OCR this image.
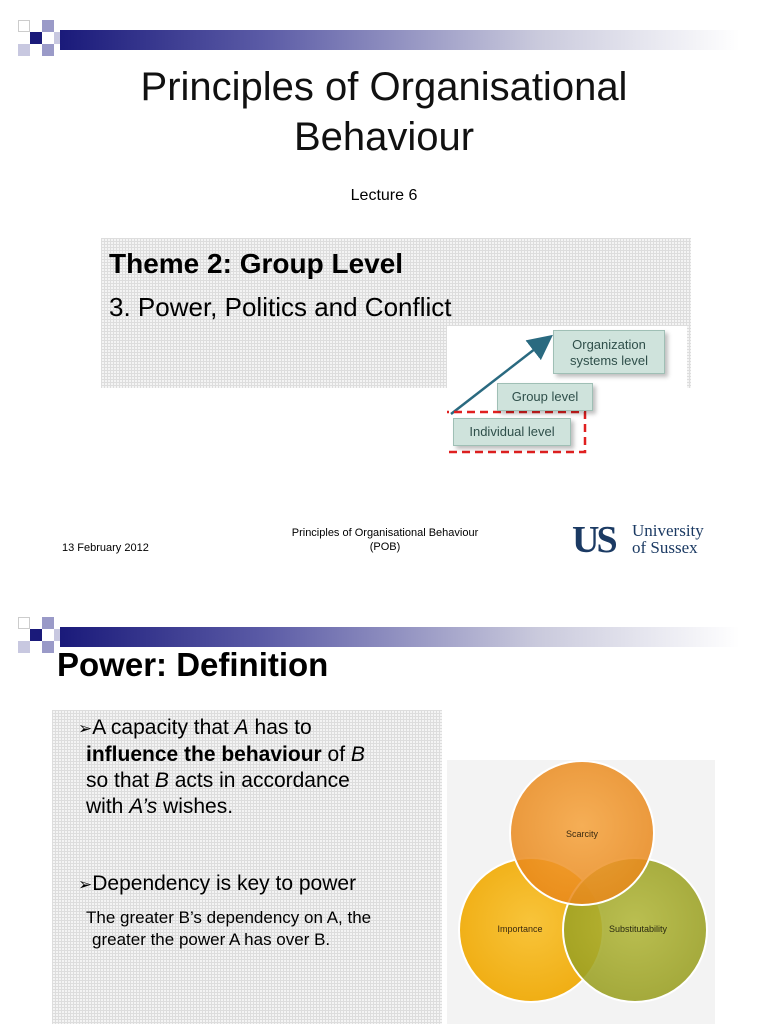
Principles of Organisational
Behaviour
Lecture 6
Theme 2: Group Level
3. Power, Politics and Conflict
Organization
systems level
Group level
Individual level
13 February 2012
Principles of Organisational Behaviour
(POB)	US University
of Sussex
Power: Definition
➢A capacity that A has to
influence the behaviour of B
so that B acts in accordance
with A’s wishes.
➢Dependency is key to power
The greater B’s dependency on A, the
greater the power A has over B.
Scarcity
Importance	Substitutability
